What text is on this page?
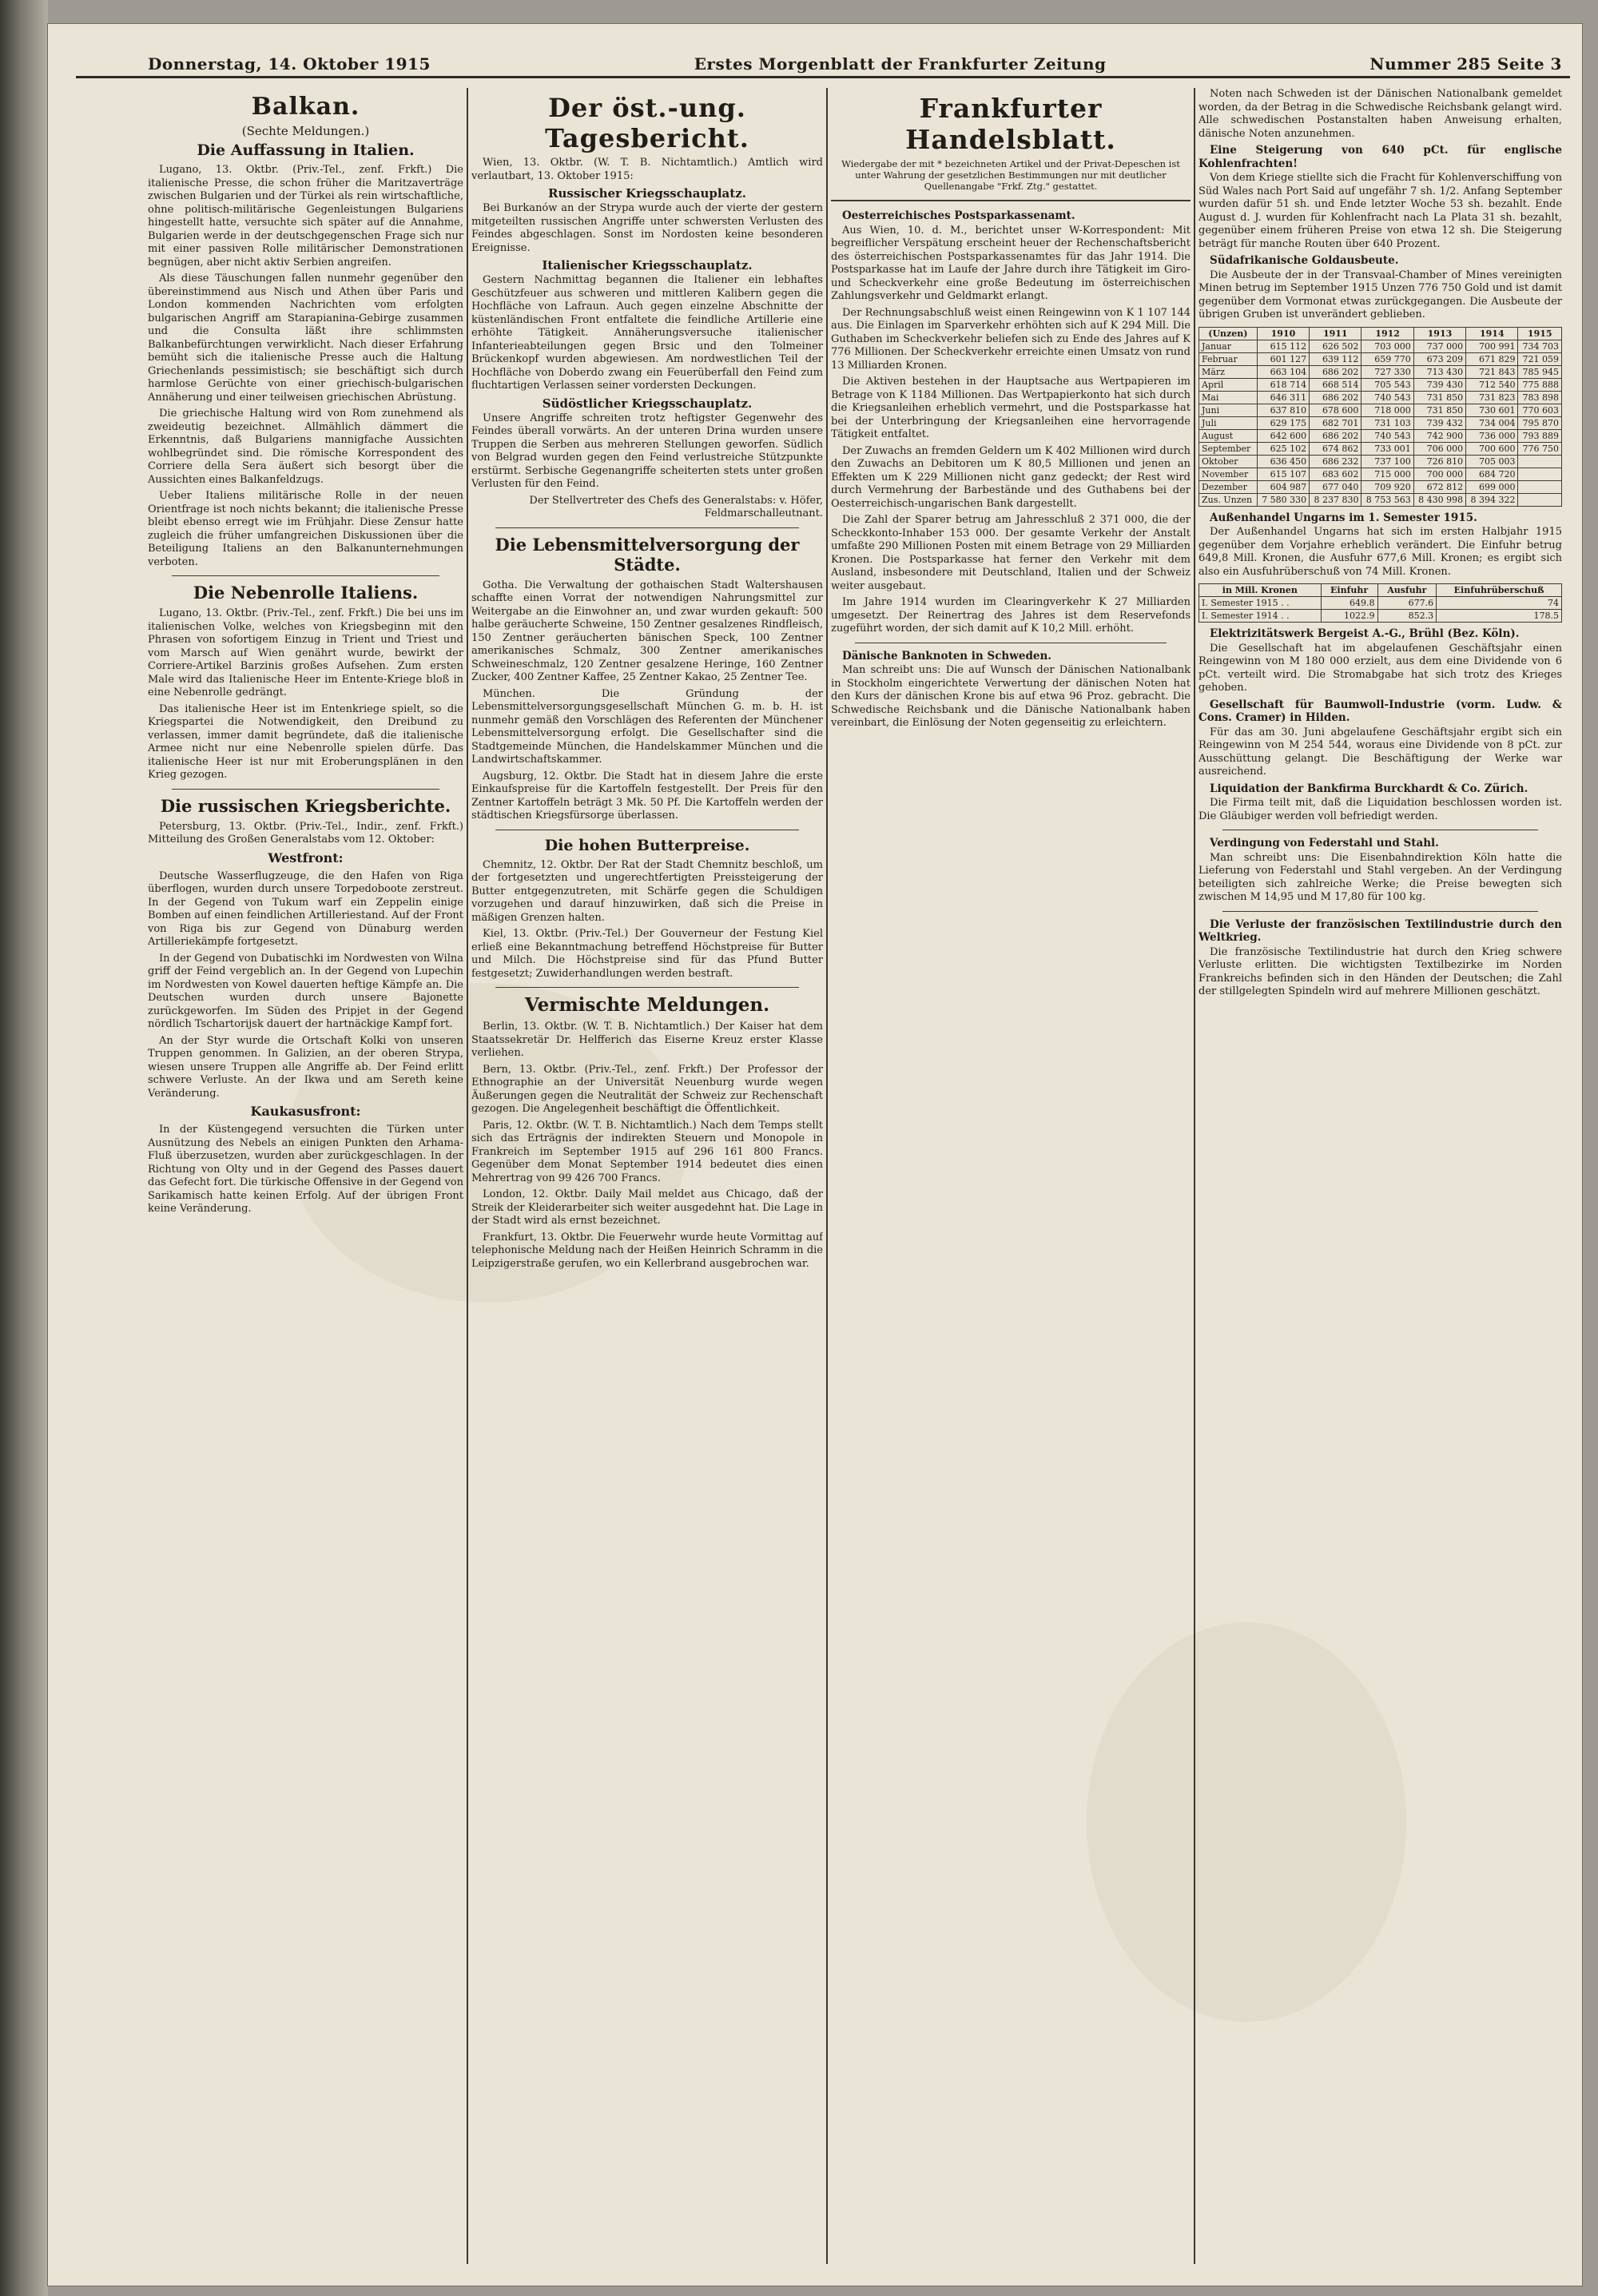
Donnerstag, 14. Oktober 1915	Erstes Morgenblatt der Frankfurter Zeitung	Nummer 285 Seite 3
Balkan.
(Sechte Meldungen.)
Die Auffassung in Italien.

Lugano, 13. Oktbr. (Priv.-Tel., zenf. Frkft.) Die italienische Presse, die schon früher die Maritzaverträge zwischen Bulgarien und der Türkei als rein wirtschaftliche, ohne politisch-militärische Gegenleistungen Bulgariens hingestellt hatte, versuchte sich später auf die Annahme, Bulgarien werde in der deutschgegenschen Frage sich nur mit einer passiven Rolle militärischer Demonstrationen begnügen, aber nicht aktiv Serbien angreifen.

Als diese Täuschungen fallen nunmehr gegenüber den übereinstimmend aus Nisch und Athen über Paris und London kommenden Nachrichten vom erfolgten bulgarischen Angriff am Starapianina-Gebirge zusammen und die Consulta läßt ihre schlimmsten Balkanbefürchtungen verwirklicht. Nach dieser Erfahrung bemüht sich die italienische Presse auch die Haltung Griechenlands pessimistisch; sie beschäftigt sich durch harmlose Gerüchte von einer griechisch-bulgarischen Annäherung und einer teilweisen griechischen Abrüstung.

Die griechische Haltung wird von Rom zunehmend als zweideutig bezeichnet. Allmählich dämmert die Erkenntnis, daß Bulgariens mannigfache Aussichten wohlbegründet sind. Die römische Korrespondent des Corriere della Sera äußert sich besorgt über die Aussichten eines Balkanfeldzugs.

Ueber Italiens militärische Rolle in der neuen Orientfrage ist noch nichts bekannt; die italienische Presse bleibt ebenso erregt wie im Frühjahr. Diese Zensur hatte zugleich die früher umfangreichen Diskussionen über die Beteiligung Italiens an den Balkanunternehmungen verboten.

Die Nebenrolle Italiens.

Lugano, 13. Oktbr. (Priv.-Tel., zenf. Frkft.) Die bei uns im italienischen Volke, welches von Kriegsbeginn mit den Phrasen von sofortigem Einzug in Trient und Triest und vom Marsch auf Wien genährt wurde, bewirkt der Corriere-Artikel Barzinis großes Aufsehen. Zum ersten Male wird das Italienische Heer im Entente-Kriege bloß in eine Nebenrolle gedrängt.

Das italienische Heer ist im Entenkriege spielt, so die Kriegspartei die Notwendigkeit, den Dreibund zu verlassen, immer damit begründete, daß die italienische Armee nicht nur eine Nebenrolle spielen dürfe. Das italienische Heer ist nur mit Eroberungsplänen in den Krieg gezogen.

Die russischen Kriegsberichte.

Petersburg, 13. Oktbr. (Priv.-Tel., Indir., zenf. Frkft.) Mitteilung des Großen Generalstabs vom 12. Oktober:

Westfront:

Deutsche Wasserflugzeuge, die den Hafen von Riga überflogen, wurden durch unsere Torpedoboote zerstreut. In der Gegend von Tukum warf ein Zeppelin einige Bomben auf einen feindlichen Artilleriestand. Auf der Front von Riga bis zur Gegend von Dünaburg werden Artilleriekämpfe fortgesetzt.

In der Gegend von Dubatischki im Nordwesten von Wilna griff der Feind vergeblich an. In der Gegend von Lupechin im Nordwesten von Kowel dauerten heftige Kämpfe an. Die Deutschen wurden durch unsere Bajonette zurückgeworfen. Im Süden des Pripjet in der Gegend nördlich Tschartorijsk dauert der hartnäckige Kampf fort.

An der Styr wurde die Ortschaft Kolki von unseren Truppen genommen. In Galizien, an der oberen Strypa, wiesen unsere Truppen alle Angriffe ab. Der Feind erlitt schwere Verluste. An der Ikwa und am Sereth keine Veränderung.

Kaukasusfront:

In der Küstengegend versuchten die Türken unter Ausnützung des Nebels an einigen Punkten den Arhama-Fluß überzusetzen, wurden aber zurückgeschlagen. In der Richtung von Olty und in der Gegend des Passes dauert das Gefecht fort. Die türkische Offensive in der Gegend von Sarikamisch hatte keinen Erfolg. Auf der übrigen Front keine Veränderung.

Der öst.-ung. Tagesbericht.

Wien, 13. Oktbr. (W. T. B. Nichtamtlich.) Amtlich wird verlautbart, 13. Oktober 1915:

Russischer Kriegsschauplatz.

Bei Burkanów an der Strypa wurde auch der vierte der gestern mitgeteilten russischen Angriffe unter schwersten Verlusten des Feindes abgeschlagen. Sonst im Nordosten keine besonderen Ereignisse.

Italienischer Kriegsschauplatz.

Gestern Nachmittag begannen die Italiener ein lebhaftes Geschützfeuer aus schweren und mittleren Kalibern gegen die Hochfläche von Lafraun. Auch gegen einzelne Abschnitte der küstenländischen Front entfaltete die feindliche Artillerie eine erhöhte Tätigkeit. Annäherungsversuche italienischer Infanterieabteilungen gegen Brsic und den Tolmeiner Brückenkopf wurden abgewiesen. Am nordwestlichen Teil der Hochfläche von Doberdo zwang ein Feuerüberfall den Feind zum fluchtartigen Verlassen seiner vordersten Deckungen.

Südöstlicher Kriegsschauplatz.

Unsere Angriffe schreiten trotz heftigster Gegenwehr des Feindes überall vorwärts. An der unteren Drina wurden unsere Truppen die Serben aus mehreren Stellungen geworfen. Südlich von Belgrad wurden gegen den Feind verlustreiche Stützpunkte erstürmt. Serbische Gegenangriffe scheiterten stets unter großen Verlusten für den Feind.

Der Stellvertreter des Chefs des Generalstabs: v. Höfer, Feldmarschalleutnant.

Die Lebensmittelversorgung der Städte.

Gotha. Die Verwaltung der gothaischen Stadt Waltershausen schaffte einen Vorrat der notwendigen Nahrungsmittel zur Weitergabe an die Einwohner an, und zwar wurden gekauft: 500 halbe geräucherte Schweine, 150 Zentner gesalzenes Rindfleisch, 150 Zentner geräucherten bänischen Speck, 100 Zentner amerikanisches Schmalz, 300 Zentner amerikanisches Schweineschmalz, 120 Zentner gesalzene Heringe, 160 Zentner Zucker, 400 Zentner Kaffee, 25 Zentner Kakao, 25 Zentner Tee.

München. Die Gründung der Lebensmittelversorgungsgesellschaft München G. m. b. H. ist nunmehr gemäß den Vorschlägen des Referenten der Münchener Lebensmittelversorgung erfolgt. Die Gesellschafter sind die Stadtgemeinde München, die Handelskammer München und die Landwirtschaftskammer.

Augsburg, 12. Oktbr. Die Stadt hat in diesem Jahre die erste Einkaufspreise für die Kartoffeln festgestellt. Der Preis für den Zentner Kartoffeln beträgt 3 Mk. 50 Pf. Die Kartoffeln werden der städtischen Kriegsfürsorge überlassen.

Die hohen Butterpreise.

Chemnitz, 12. Oktbr. Der Rat der Stadt Chemnitz beschloß, um der fortgesetzten und ungerechtfertigten Preissteigerung der Butter entgegenzutreten, mit Schärfe gegen die Schuldigen vorzugehen und darauf hinzuwirken, daß sich die Preise in mäßigen Grenzen halten.

Kiel, 13. Oktbr. (Priv.-Tel.) Der Gouverneur der Festung Kiel erließ eine Bekanntmachung betreffend Höchstpreise für Butter und Milch. Die Höchstpreise sind für das Pfund Butter festgesetzt; Zuwiderhandlungen werden bestraft.

Vermischte Meldungen.

Berlin, 13. Oktbr. (W. T. B. Nichtamtlich.) Der Kaiser hat dem Staatssekretär Dr. Helfferich das Eiserne Kreuz erster Klasse verliehen.

Bern, 13. Oktbr. (Priv.-Tel., zenf. Frkft.) Der Professor der Ethnographie an der Universität Neuenburg wurde wegen Äußerungen gegen die Neutralität der Schweiz zur Rechenschaft gezogen. Die Angelegenheit beschäftigt die Öffentlichkeit.

Paris, 12. Oktbr. (W. T. B. Nichtamtlich.) Nach dem Temps stellt sich das Erträgnis der indirekten Steuern und Monopole in Frankreich im September 1915 auf 296 161 800 Francs. Gegenüber dem Monat September 1914 bedeutet dies einen Mehrertrag von 99 426 700 Francs.

London, 12. Oktbr. Daily Mail meldet aus Chicago, daß der Streik der Kleiderarbeiter sich weiter ausgedehnt hat. Die Lage in der Stadt wird als ernst bezeichnet.

Frankfurt, 13. Oktbr. Die Feuerwehr wurde heute Vormittag auf telephonische Meldung nach der Heißen Heinrich Schramm in die Leipzigerstraße gerufen, wo ein Kellerbrand ausgebrochen war.

Frankfurter Handelsblatt.
Wiedergabe der mit * bezeichneten Artikel und der Privat-Depeschen ist unter Wahrung der gesetzlichen Bestimmungen nur mit deutlicher Quellenangabe "Frkf. Ztg." gestattet.

Oesterreichisches Postsparkassenamt.

Aus Wien, 10. d. M., berichtet unser W-Korrespondent: Mit begreiflicher Verspätung erscheint heuer der Rechenschaftsbericht des österreichischen Postsparkassenamtes für das Jahr 1914. Die Postsparkasse hat im Laufe der Jahre durch ihre Tätigkeit im Giro- und Scheckverkehr eine große Bedeutung im österreichischen Zahlungsverkehr und Geldmarkt erlangt.

Der Rechnungsabschluß weist einen Reingewinn von K 1 107 144 aus. Die Einlagen im Sparverkehr erhöhten sich auf K 294 Mill. Die Guthaben im Scheckverkehr beliefen sich zu Ende des Jahres auf K 776 Millionen. Der Scheckverkehr erreichte einen Umsatz von rund 13 Milliarden Kronen.

Die Aktiven bestehen in der Hauptsache aus Wertpapieren im Betrage von K 1184 Millionen. Das Wertpapierkonto hat sich durch die Kriegsanleihen erheblich vermehrt, und die Postsparkasse hat bei der Unterbringung der Kriegsanleihen eine hervorragende Tätigkeit entfaltet.

Der Zuwachs an fremden Geldern um K 402 Millionen wird durch den Zuwachs an Debitoren um K 80,5 Millionen und jenen an Effekten um K 229 Millionen nicht ganz gedeckt; der Rest wird durch Vermehrung der Barbestände und des Guthabens bei der Oesterreichisch-ungarischen Bank dargestellt.

Die Zahl der Sparer betrug am Jahresschluß 2 371 000, die der Scheckkonto-Inhaber 153 000. Der gesamte Verkehr der Anstalt umfaßte 290 Millionen Posten mit einem Betrage von 29 Milliarden Kronen. Die Postsparkasse hat ferner den Verkehr mit dem Ausland, insbesondere mit Deutschland, Italien und der Schweiz weiter ausgebaut.

Im Jahre 1914 wurden im Clearingverkehr K 27 Milliarden umgesetzt. Der Reinertrag des Jahres ist dem Reservefonds zugeführt worden, der sich damit auf K 10,2 Mill. erhöht.

Dänische Banknoten in Schweden.

Man schreibt uns: Die auf Wunsch der Dänischen Nationalbank in Stockholm eingerichtete Verwertung der dänischen Noten hat den Kurs der dänischen Krone bis auf etwa 96 Proz. gebracht. Die Schwedische Reichsbank und die Dänische Nationalbank haben vereinbart, die Einlösung der Noten gegenseitig zu erleichtern.

Noten nach Schweden ist der Dänischen Nationalbank gemeldet worden, da der Betrag in die Schwedische Reichsbank gelangt wird. Alle schwedischen Postanstalten haben Anweisung erhalten, dänische Noten anzunehmen.

Eine Steigerung von 640 pCt. für englische Kohlenfrachten!

Von dem Kriege stiellte sich die Fracht für Kohlenverschiffung von Süd Wales nach Port Said auf ungefähr 7 sh. 1/2. Anfang September wurden dafür 51 sh. und Ende letzter Woche 53 sh. bezahlt. Ende August d. J. wurden für Kohlenfracht nach La Plata 31 sh. bezahlt, gegenüber einem früheren Preise von etwa 12 sh. Die Steigerung beträgt für manche Routen über 640 Prozent.

Südafrikanische Goldausbeute.

Die Ausbeute der in der Transvaal-Chamber of Mines vereinigten Minen betrug im September 1915 Unzen 776 750 Gold und ist damit gegenüber dem Vormonat etwas zurückgegangen. Die Ausbeute der übrigen Gruben ist unverändert geblieben.

(Unzen)	1910	1911	1912	1913	1914	1915
Januar	615 112	626 502	703 000	737 000	700 991	734 703
Februar	601 127	639 112	659 770	673 209	671 829	721 059
März	663 104	686 202	727 330	713 430	721 843	785 945
April	618 714	668 514	705 543	739 430	712 540	775 888
Mai	646 311	686 202	740 543	731 850	731 823	783 898
Juni	637 810	678 600	718 000	731 850	730 601	770 603
Juli	629 175	682 701	731 103	739 432	734 004	795 870
August	642 600	686 202	740 543	742 900	736 000	793 889
September	625 102	674 862	733 001	706 000	700 600	776 750
Oktober	636 450	686 232	737 100	726 810	705 003	
November	615 107	683 602	715 000	700 000	684 720	
Dezember	604 987	677 040	709 920	672 812	699 000	
Zus. Unzen	7 580 330	8 237 830	8 753 563	8 430 998	8 394 322	

Außenhandel Ungarns im 1. Semester 1915.

Der Außenhandel Ungarns hat sich im ersten Halbjahr 1915 gegenüber dem Vorjahre erheblich verändert. Die Einfuhr betrug 649,8 Mill. Kronen, die Ausfuhr 677,6 Mill. Kronen; es ergibt sich also ein Ausfuhrüberschuß von 74 Mill. Kronen.

in Mill. Kronen	Einfuhr	Ausfuhr	Einfuhrüberschuß
I. Semester 1915 . .	649.8	677.6	74
I. Semester 1914 . .	1022.9	852.3	178.5

Elektrizitätswerk Bergeist A.-G., Brühl (Bez. Köln).

Die Gesellschaft hat im abgelaufenen Geschäftsjahr einen Reingewinn von M 180 000 erzielt, aus dem eine Dividende von 6 pCt. verteilt wird. Die Stromabgabe hat sich trotz des Krieges gehoben.

Gesellschaft für Baumwoll-Industrie (vorm. Ludw. & Cons. Cramer) in Hilden.

Für das am 30. Juni abgelaufene Geschäftsjahr ergibt sich ein Reingewinn von M 254 544, woraus eine Dividende von 8 pCt. zur Ausschüttung gelangt. Die Beschäftigung der Werke war ausreichend.

Liquidation der Bankfirma Burckhardt & Co. Zürich.

Die Firma teilt mit, daß die Liquidation beschlossen worden ist. Die Gläubiger werden voll befriedigt werden.

Verdingung von Federstahl und Stahl.

Man schreibt uns: Die Eisenbahndirektion Köln hatte die Lieferung von Federstahl und Stahl vergeben. An der Verdingung beteiligten sich zahlreiche Werke; die Preise bewegten sich zwischen M 14,95 und M 17,80 für 100 kg.

Die Verluste der französischen Textilindustrie durch den Weltkrieg.

Die französische Textilindustrie hat durch den Krieg schwere Verluste erlitten. Die wichtigsten Textilbezirke im Norden Frankreichs befinden sich in den Händen der Deutschen; die Zahl der stillgelegten Spindeln wird auf mehrere Millionen geschätzt.
